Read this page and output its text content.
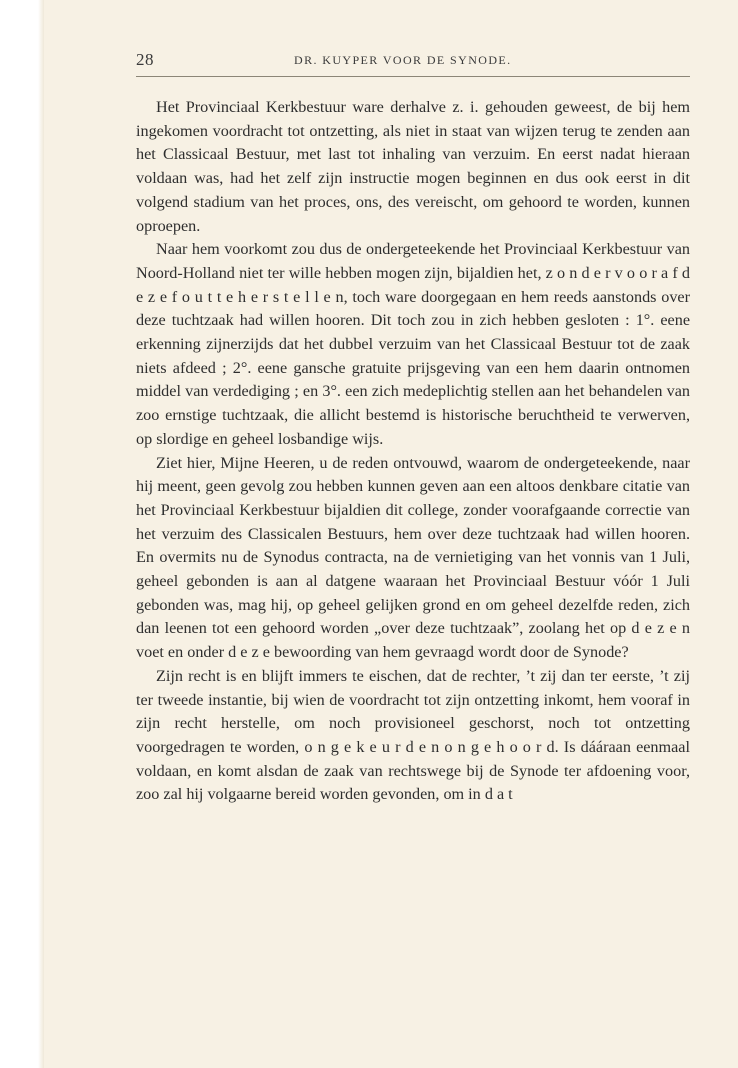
28	DR. KUYPER VOOR DE SYNODE.

Het Provinciaal Kerkbestuur ware derhalve z. i. gehouden geweest, de bij hem ingekomen voordracht tot ontzetting, als niet in staat van wijzen terug te zenden aan het Classicaal Bestuur, met last tot inhaling van verzuim. En eerst nadat hieraan voldaan was, had het zelf zijn instructie mogen beginnen en dus ook eerst in dit volgend stadium van het proces, ons, des vereischt, om gehoord te worden, kunnen oproepen.

Naar hem voorkomt zou dus de ondergeteekende het Provinciaal Kerkbestuur van Noord-Holland niet ter wille hebben mogen zijn, bijaldien het, z o n d e r v o o r a f d e z e f o u t t e h e r s t e l l e n, toch ware doorgegaan en hem reeds aanstonds over deze tuchtzaak had willen hooren. Dit toch zou in zich hebben gesloten : 1°. eene erkenning zijnerzijds dat het dubbel verzuim van het Classicaal Bestuur tot de zaak niets afdeed ; 2°. eene gansche gratuite prijsgeving van een hem daarin ontnomen middel van verdediging ; en 3°. een zich medeplichtig stellen aan het behandelen van zoo ernstige tuchtzaak, die allicht bestemd is historische beruchtheid te verwerven, op slordige en geheel losbandige wijs.

Ziet hier, Mijne Heeren, u de reden ontvouwd, waarom de ondergeteekende, naar hij meent, geen gevolg zou hebben kunnen geven aan een altoos denkbare citatie van het Provinciaal Kerkbestuur bijaldien dit college, zonder voorafgaande correctie van het verzuim des Classicalen Bestuurs, hem over deze tuchtzaak had willen hooren. En overmits nu de Synodus contracta, na de vernietiging van het vonnis van 1 Juli, geheel gebonden is aan al datgene waaraan het Provinciaal Bestuur vóór 1 Juli gebonden was, mag hij, op geheel gelijken grond en om geheel dezelfde reden, zich dan leenen tot een gehoord worden „over deze tuchtzaak”, zoolang het op d e z e n voet en onder d e z e bewoording van hem gevraagd wordt door de Synode?

Zijn recht is en blijft immers te eischen, dat de rechter, ’t zij dan ter eerste, ’t zij ter tweede instantie, bij wien de voordracht tot zijn ontzetting inkomt, hem vooraf in zijn recht herstelle, om noch provisioneel geschorst, noch tot ontzetting voorgedragen te worden, o n g e k e u r d e n o n g e h o o r d. Is dááraan eenmaal voldaan, en komt alsdan de zaak van rechtswege bij de Synode ter afdoening voor, zoo zal hij volgaarne bereid worden gevonden, om in d a t
